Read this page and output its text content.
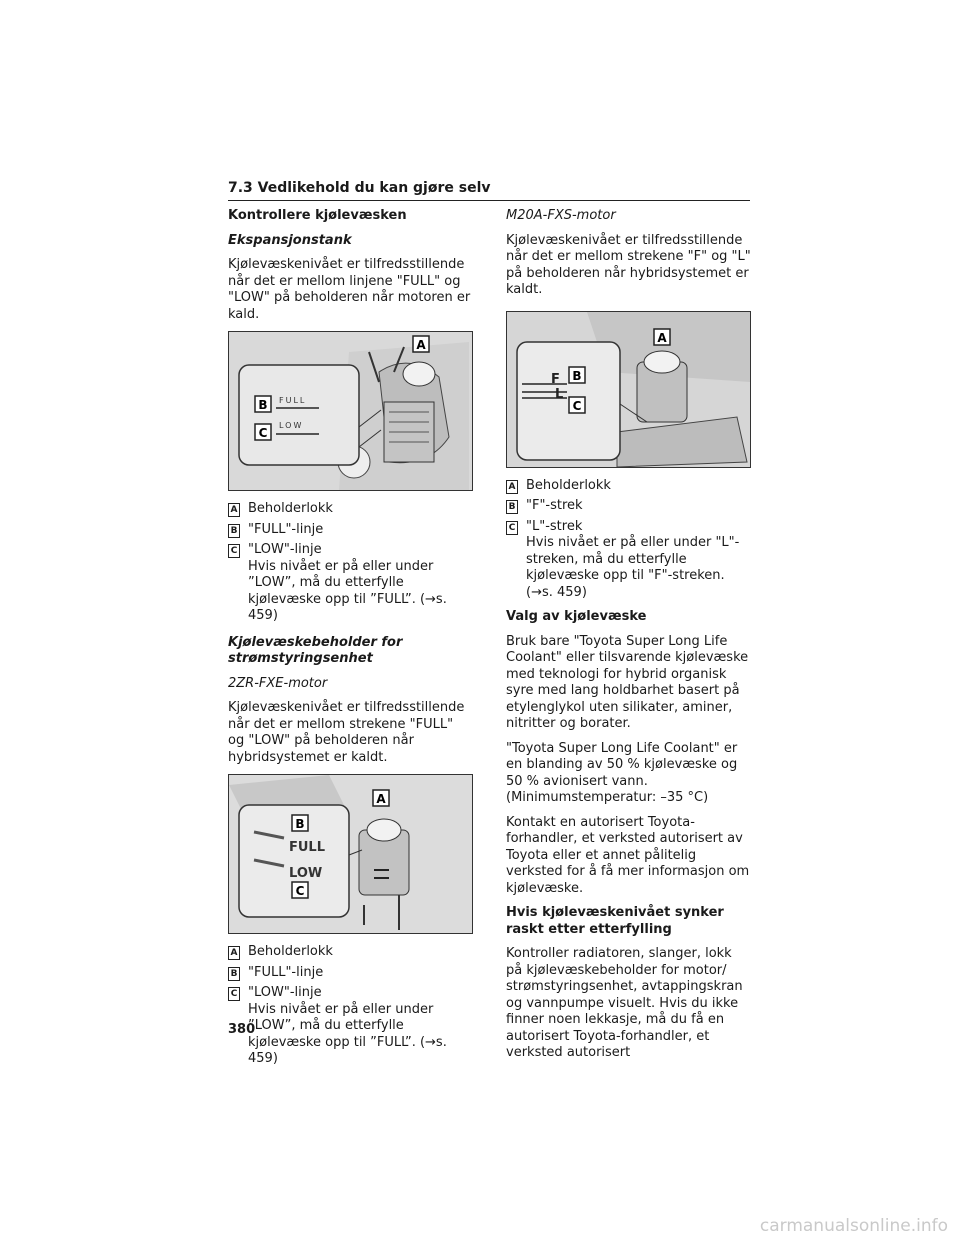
7.3 Vedlikehold du kan gjøre selv
Kontrollere kjølevæsken
Ekspansjonstank

Kjølevæskenivået er tilfredsstillende når det er mellom linjene "FULL" og "LOW" på beholderen når motoren er kald.

FULL
LOW
B
C
A
A Beholderlokk
B "FULL"-linje
C "LOW"-linje
Hvis nivået er på eller under ”LOW”, må du etterfylle kjølevæske opp til ”FULL”. (→s. 459)
Kjølevæskebeholder for strømstyringsenhet
2ZR-FXE-motor

Kjølevæskenivået er tilfredsstillende når det er mellom strekene "FULL" og "LOW" på beholderen når hybridsystemet er kaldt.

FULL
LOW
B
C
A
A Beholderlokk
B "FULL"-linje
C "LOW"-linje
Hvis nivået er på eller under ”LOW”, må du etterfylle kjølevæske opp til ”FULL”. (→s. 459)
M20A-FXS-motor

Kjølevæskenivået er tilfredsstillende når det er mellom strekene "F" og "L" på beholderen når hybridsystemet er kaldt.

F
L
B
C
A
A Beholderlokk
B "F"-strek
C "L"-strek
Hvis nivået er på eller under "L"-streken, må du etterfylle kjølevæske opp til "F"-streken. (→s. 459)
Valg av kjølevæske

Bruk bare "Toyota Super Long Life Coolant" eller tilsvarende kjølevæske med teknologi for hybrid organisk syre med lang holdbarhet basert på etylenglykol uten silikater, aminer, nitritter og borater.

"Toyota Super Long Life Coolant" er en blanding av 50 % kjølevæske og 50 % avionisert vann. (Minimumstemperatur: –35 °C)

Kontakt en autorisert Toyota-forhandler, et verksted autorisert av Toyota eller et annet pålitelig verksted for å få mer informasjon om kjølevæske.

Hvis kjølevæskenivået synker raskt etter etterfylling

Kontroller radiatoren, slanger, lokk på kjølevæskebeholder for motor/ strømstyringsenhet, avtappingskran og vannpumpe visuelt. Hvis du ikke finner noen lekkasje, må du få en autorisert Toyota-forhandler, et verksted autorisert

380
carmanualsonline.info
